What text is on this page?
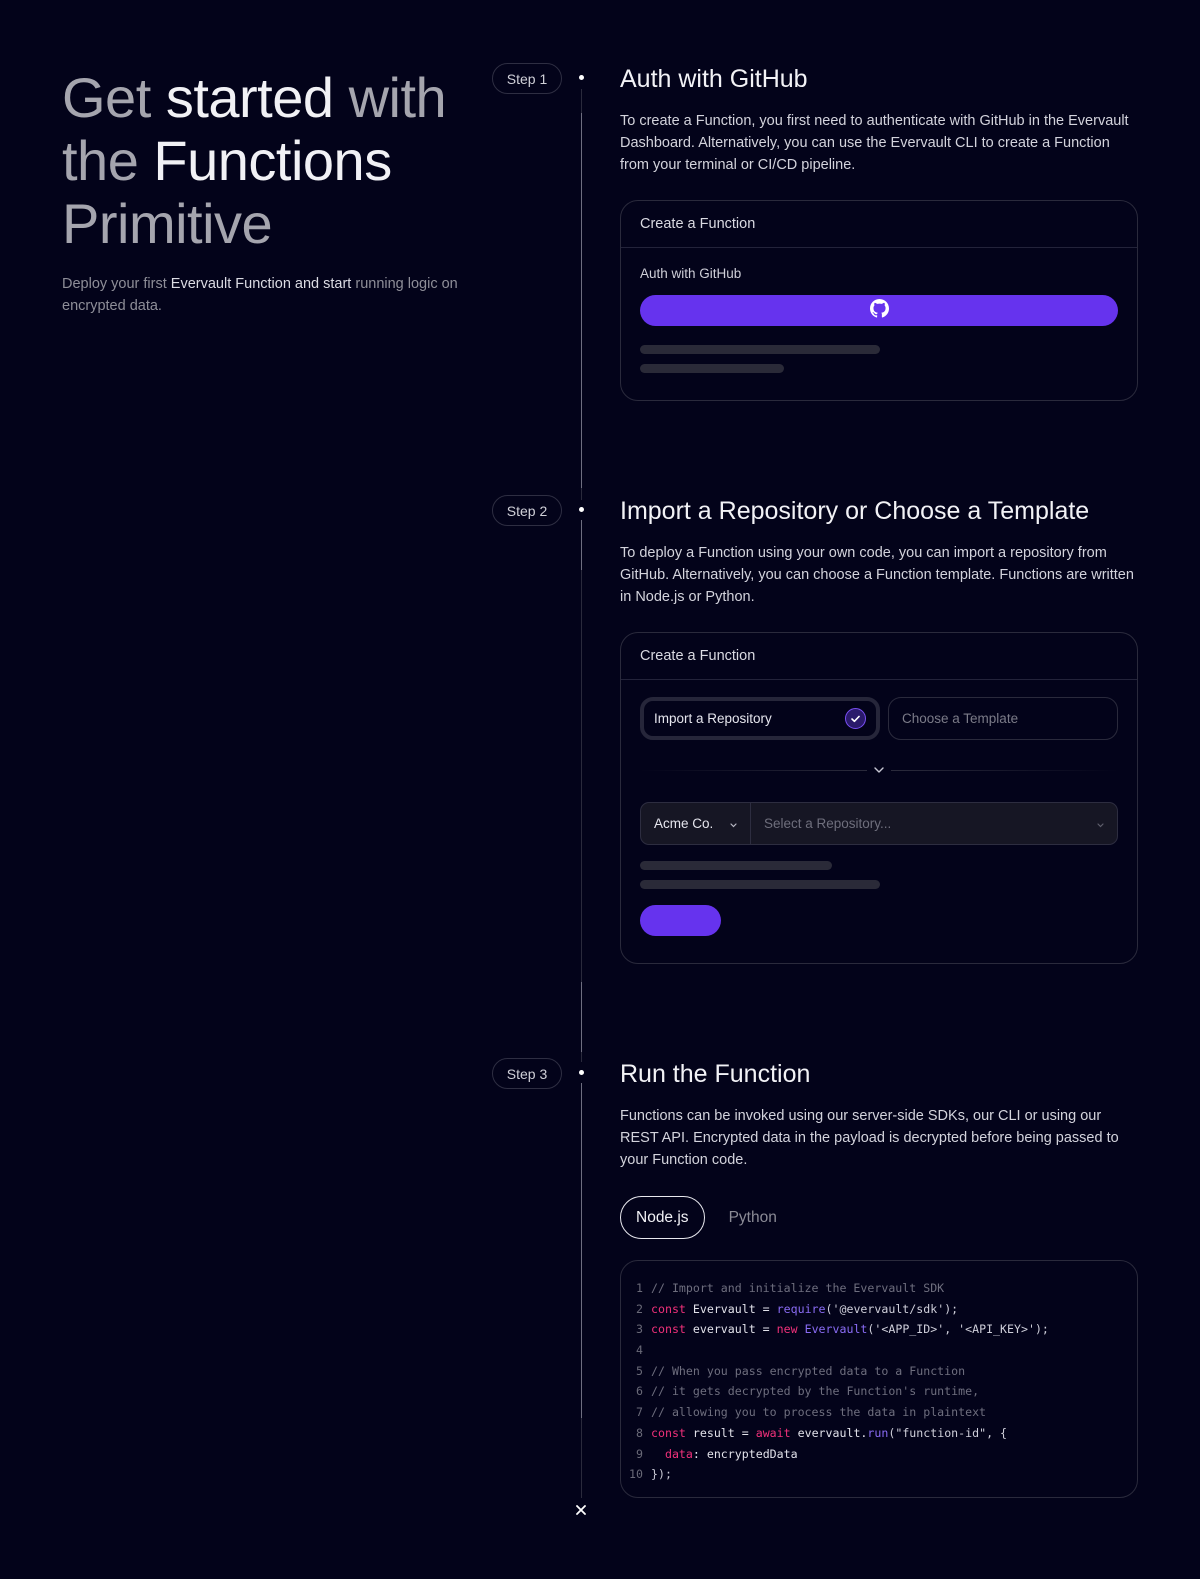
Get started with
the Functions
Primitive

Deploy your first Evervault Function and start running logic on encrypted data.

Step 1
Step 2
Step 3
Auth with GitHub

To create a Function, you first need to authenticate with GitHub in the Evervault Dashboard. Alternatively, you can use the Evervault CLI to create a Function from your terminal or CI/CD pipeline.

Create a Function
Auth with GitHub
Import a Repository or Choose a Template

To deploy a Function using your own code, you can import a repository from GitHub. Alternatively, you can choose a Function template. Functions are written in Node.js or Python.

Create a Function
Import a Repository	Choose a Template
Acme Co.	Select a Repository...
Run the Function

Functions can be invoked using our server-side SDKs, our CLI or using our REST API. Encrypted data in the payload is decrypted before being passed to your Function code.

Node.js	Python
1 // Import and initialize the Evervault SDK
2 const Evervault = require ('@evervault/sdk');
3 const evervault = new
Evervault ('<APP_ID>', '<API_KEY>');
4
5 // When you pass encrypted data to a Function
6 // it gets decrypted by the Function's runtime,
7 // allowing you to process the data in plaintext
8 const result = await evervault. run ("function-id", {
9
	data : encryptedData
10 });
